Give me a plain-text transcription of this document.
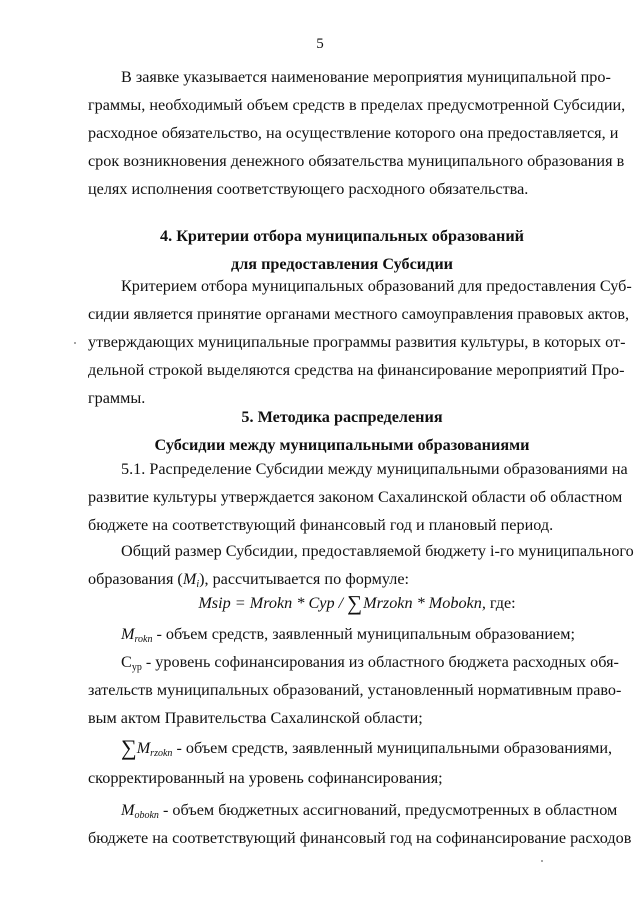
5
В заявке указывается наименование мероприятия муниципальной про-
граммы, необходимый объем средств в пределах предусмотренной Субсидии,
расходное обязательство, на осуществление которого она предоставляется, и
срок возникновения денежного обязательства муниципального образования в
целях исполнения соответствующего расходного обязательства.
4. Критерии отбора муниципальных образований
для предоставления Субсидии
Критерием отбора муниципальных образований для предоставления Суб-
сидии является принятие органами местного самоуправления правовых актов,
утверждающих муниципальные программы развития культуры, в которых от-
дельной строкой выделяются средства на финансирование мероприятий Про-
граммы.
5. Методика распределения
Субсидии между муниципальными образованиями
5.1. Распределение Субсидии между муниципальными образованиями на
развитие культуры утверждается законом Сахалинской области об областном
бюджете на соответствующий финансовый год и плановый период.
Общий размер Субсидии, предоставляемой бюджету i-го муниципального
образования $(M_i)$, рассчитывается по формуле:
Msip = Mrokn * Cyp / ∑Mrzokn * Mobokn, где:
$M_{rokn}$ - объем средств, заявленный муниципальным образованием;
$С_{ур}$ - уровень софинансирования из областного бюджета расходных обя-
зательств муниципальных образований, установленный нормативным право-
вым актом Правительства Сахалинской области;
$\sum M_{rzokn}$ - объем средств, заявленный муниципальными образованиями,
скорректированный на уровень софинансирования;
$M_{obokn}$ - объем бюджетных ассигнований, предусмотренных в областном
бюджете на соответствующий финансовый год на софинансирование расходов
